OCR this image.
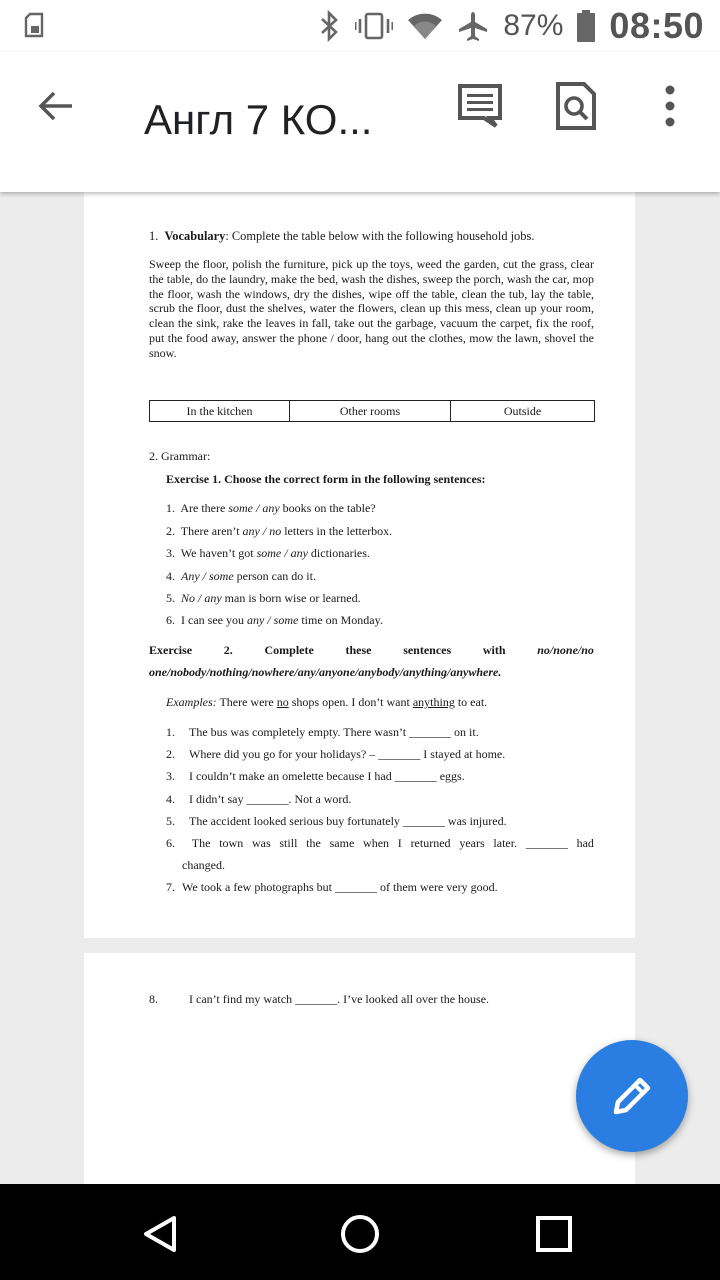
87% 08:50
Англ 7 КО...
1. Vocabulary: Complete the table below with the following household jobs.
Sweep the floor, polish the furniture, pick up the toys, weed the garden, cut the grass, clear the table, do the laundry, make the bed, wash the dishes, sweep the porch, wash the car, mop the floor, wash the windows, dry the dishes, wipe off the table, clean the tub, lay the table, scrub the floor, dust the shelves, water the flowers, clean up this mess, clean up your room, clean the sink, rake the leaves in fall, take out the garbage, vacuum the carpet, fix the roof, put the food away, answer the phone / door, hang out the clothes, mow the lawn, shovel the snow.
In the kitchen	Other rooms	Outside
2. Grammar:
Exercise 1. Choose the correct form in the following sentences:
1. Are there some / any books on the table?
2. There aren’t any / no letters in the letterbox.
3. We haven’t got some / any dictionaries.
4. Any / some person can do it.
5. No / any man is born wise or learned.
6. I can see you any / some time on Monday.
Exercise	2.	Complete	these	sentences	with	no/none/no
one/nobody/nothing/nowhere/any/anyone/anybody/anything/anywhere.
Examples: There were no shops open. I don’t want anything to eat.
1. The bus was completely empty. There wasn’t _______ on it.
2. Where did you go for your holidays? – _______ I stayed at home.
3. I couldn’t make an omelette because I had _______ eggs.
4. I didn’t say _______. Not a word.
5. The accident looked serious buy fortunately _______ was injured.
6. The town was still the same when I returned years later. _______ had
changed.
7. We took a few photographs but _______ of them were very good.
8.	I can’t find my watch _______. I’ve looked all over the house.
